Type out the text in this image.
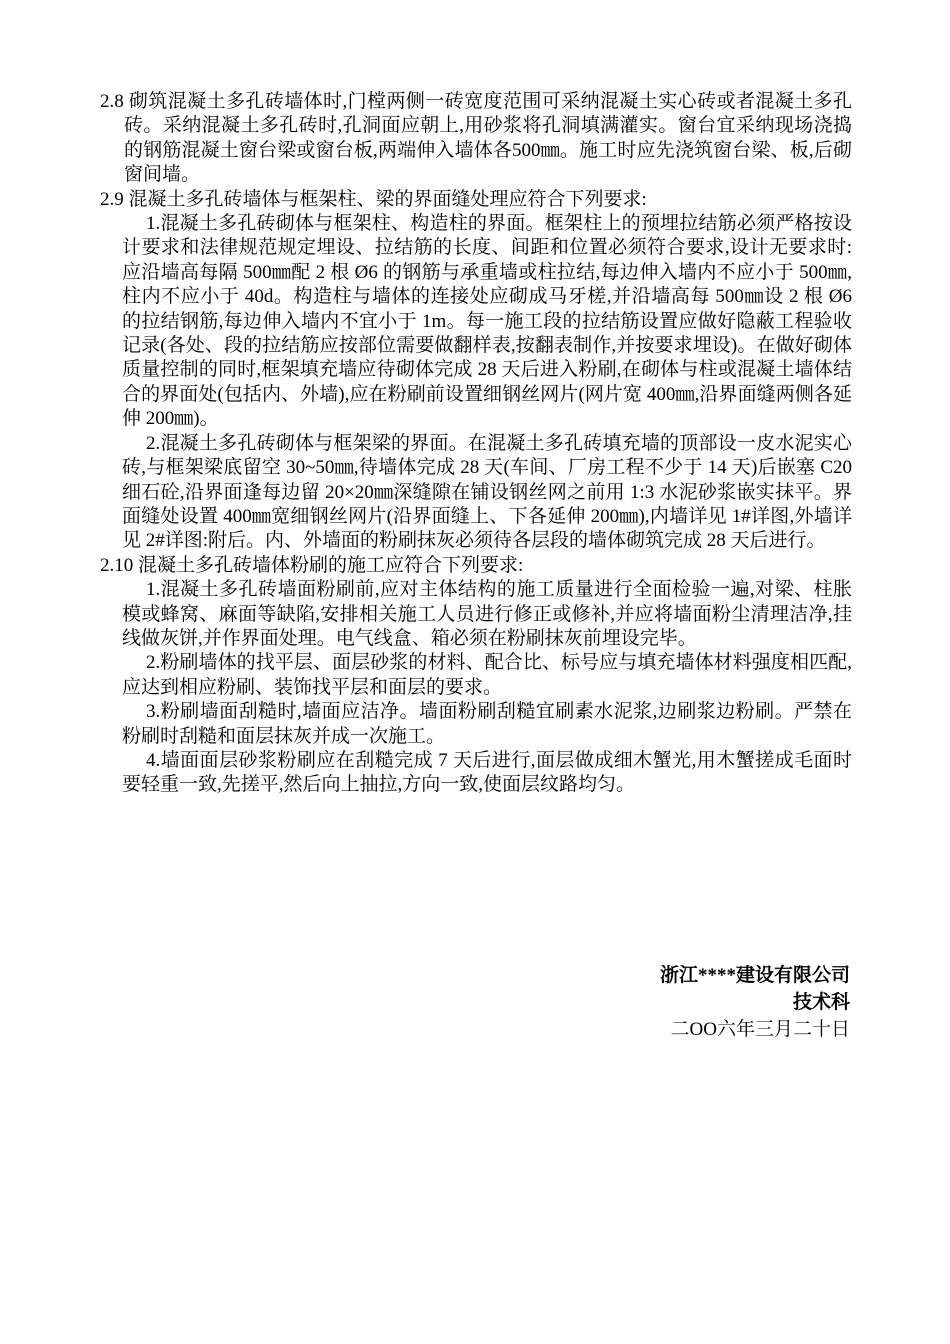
2.8 砌筑混凝土多孔砖墙体时,门樘两侧一砖宽度范围可采纳混凝土实心砖或者混凝土多孔砖。采纳混凝土多孔砖时,孔洞面应朝上,用砂浆将孔洞填满灌实。窗台宜采纳现场浇捣的钢筋混凝土窗台梁或窗台板,两端伸入墙体各500㎜。施工时应先浇筑窗台梁、板,后砌窗间墙。

2.9 混凝土多孔砖墙体与框架柱、梁的界面缝处理应符合下列要求:

1.混凝土多孔砖砌体与框架柱、构造柱的界面。框架柱上的预埋拉结筋必须严格按设计要求和法律规范规定埋设、拉结筋的长度、间距和位置必须符合要求,设计无要求时:应沿墙高每隔 500㎜配 2 根 Ø6 的钢筋与承重墙或柱拉结,每边伸入墙内不应小于 500㎜,柱内不应小于 40d。构造柱与墙体的连接处应砌成马牙槎,并沿墙高每 500㎜设 2 根 Ø6 的拉结钢筋,每边伸入墙内不宜小于 1m。每一施工段的拉结筋设置应做好隐蔽工程验收记录(各处、段的拉结筋应按部位需要做翻样表,按翻表制作,并按要求埋设)。在做好砌体质量控制的同时,框架填充墙应待砌体完成 28 天后进入粉刷,在砌体与柱或混凝土墙体结合的界面处(包括内、外墙),应在粉刷前设置细钢丝网片(网片宽 400㎜,沿界面缝两侧各延伸 200㎜)。

2.混凝土多孔砖砌体与框架梁的界面。在混凝土多孔砖填充墙的顶部设一皮水泥实心砖,与框架梁底留空 30~50㎜,待墙体完成 28 天(车间、厂房工程不少于 14 天)后嵌塞 C20 细石砼,沿界面逢每边留 20×20㎜深缝隙在铺设钢丝网之前用 1:3 水泥砂浆嵌实抹平。界面缝处设置 400㎜宽细钢丝网片(沿界面缝上、下各延伸 200㎜),内墙详见 1#详图,外墙详见 2#详图:附后。内、外墙面的粉刷抹灰必须待各层段的墙体砌筑完成 28 天后进行。

2.10 混凝土多孔砖墙体粉刷的施工应符合下列要求:

1.混凝土多孔砖墙面粉刷前,应对主体结构的施工质量进行全面检验一遍,对梁、柱胀模或蜂窝、麻面等缺陷,安排相关施工人员进行修正或修补,并应将墙面粉尘清理洁净,挂线做灰饼,并作界面处理。电气线盒、箱必须在粉刷抹灰前埋设完毕。

2.粉刷墙体的找平层、面层砂浆的材料、配合比、标号应与填充墙体材料强度相匹配,应达到相应粉刷、装饰找平层和面层的要求。

3.粉刷墙面刮糙时,墙面应洁净。墙面粉刷刮糙宜刷素水泥浆,边刷浆边粉刷。严禁在粉刷时刮糙和面层抹灰并成一次施工。

4.墙面面层砂浆粉刷应在刮糙完成 7 天后进行,面层做成细木蟹光,用木蟹搓成毛面时要轻重一致,先搓平,然后向上抽拉,方向一致,使面层纹路均匀。

浙江****建设有限公司
技术科
二OO六年三月二十日
